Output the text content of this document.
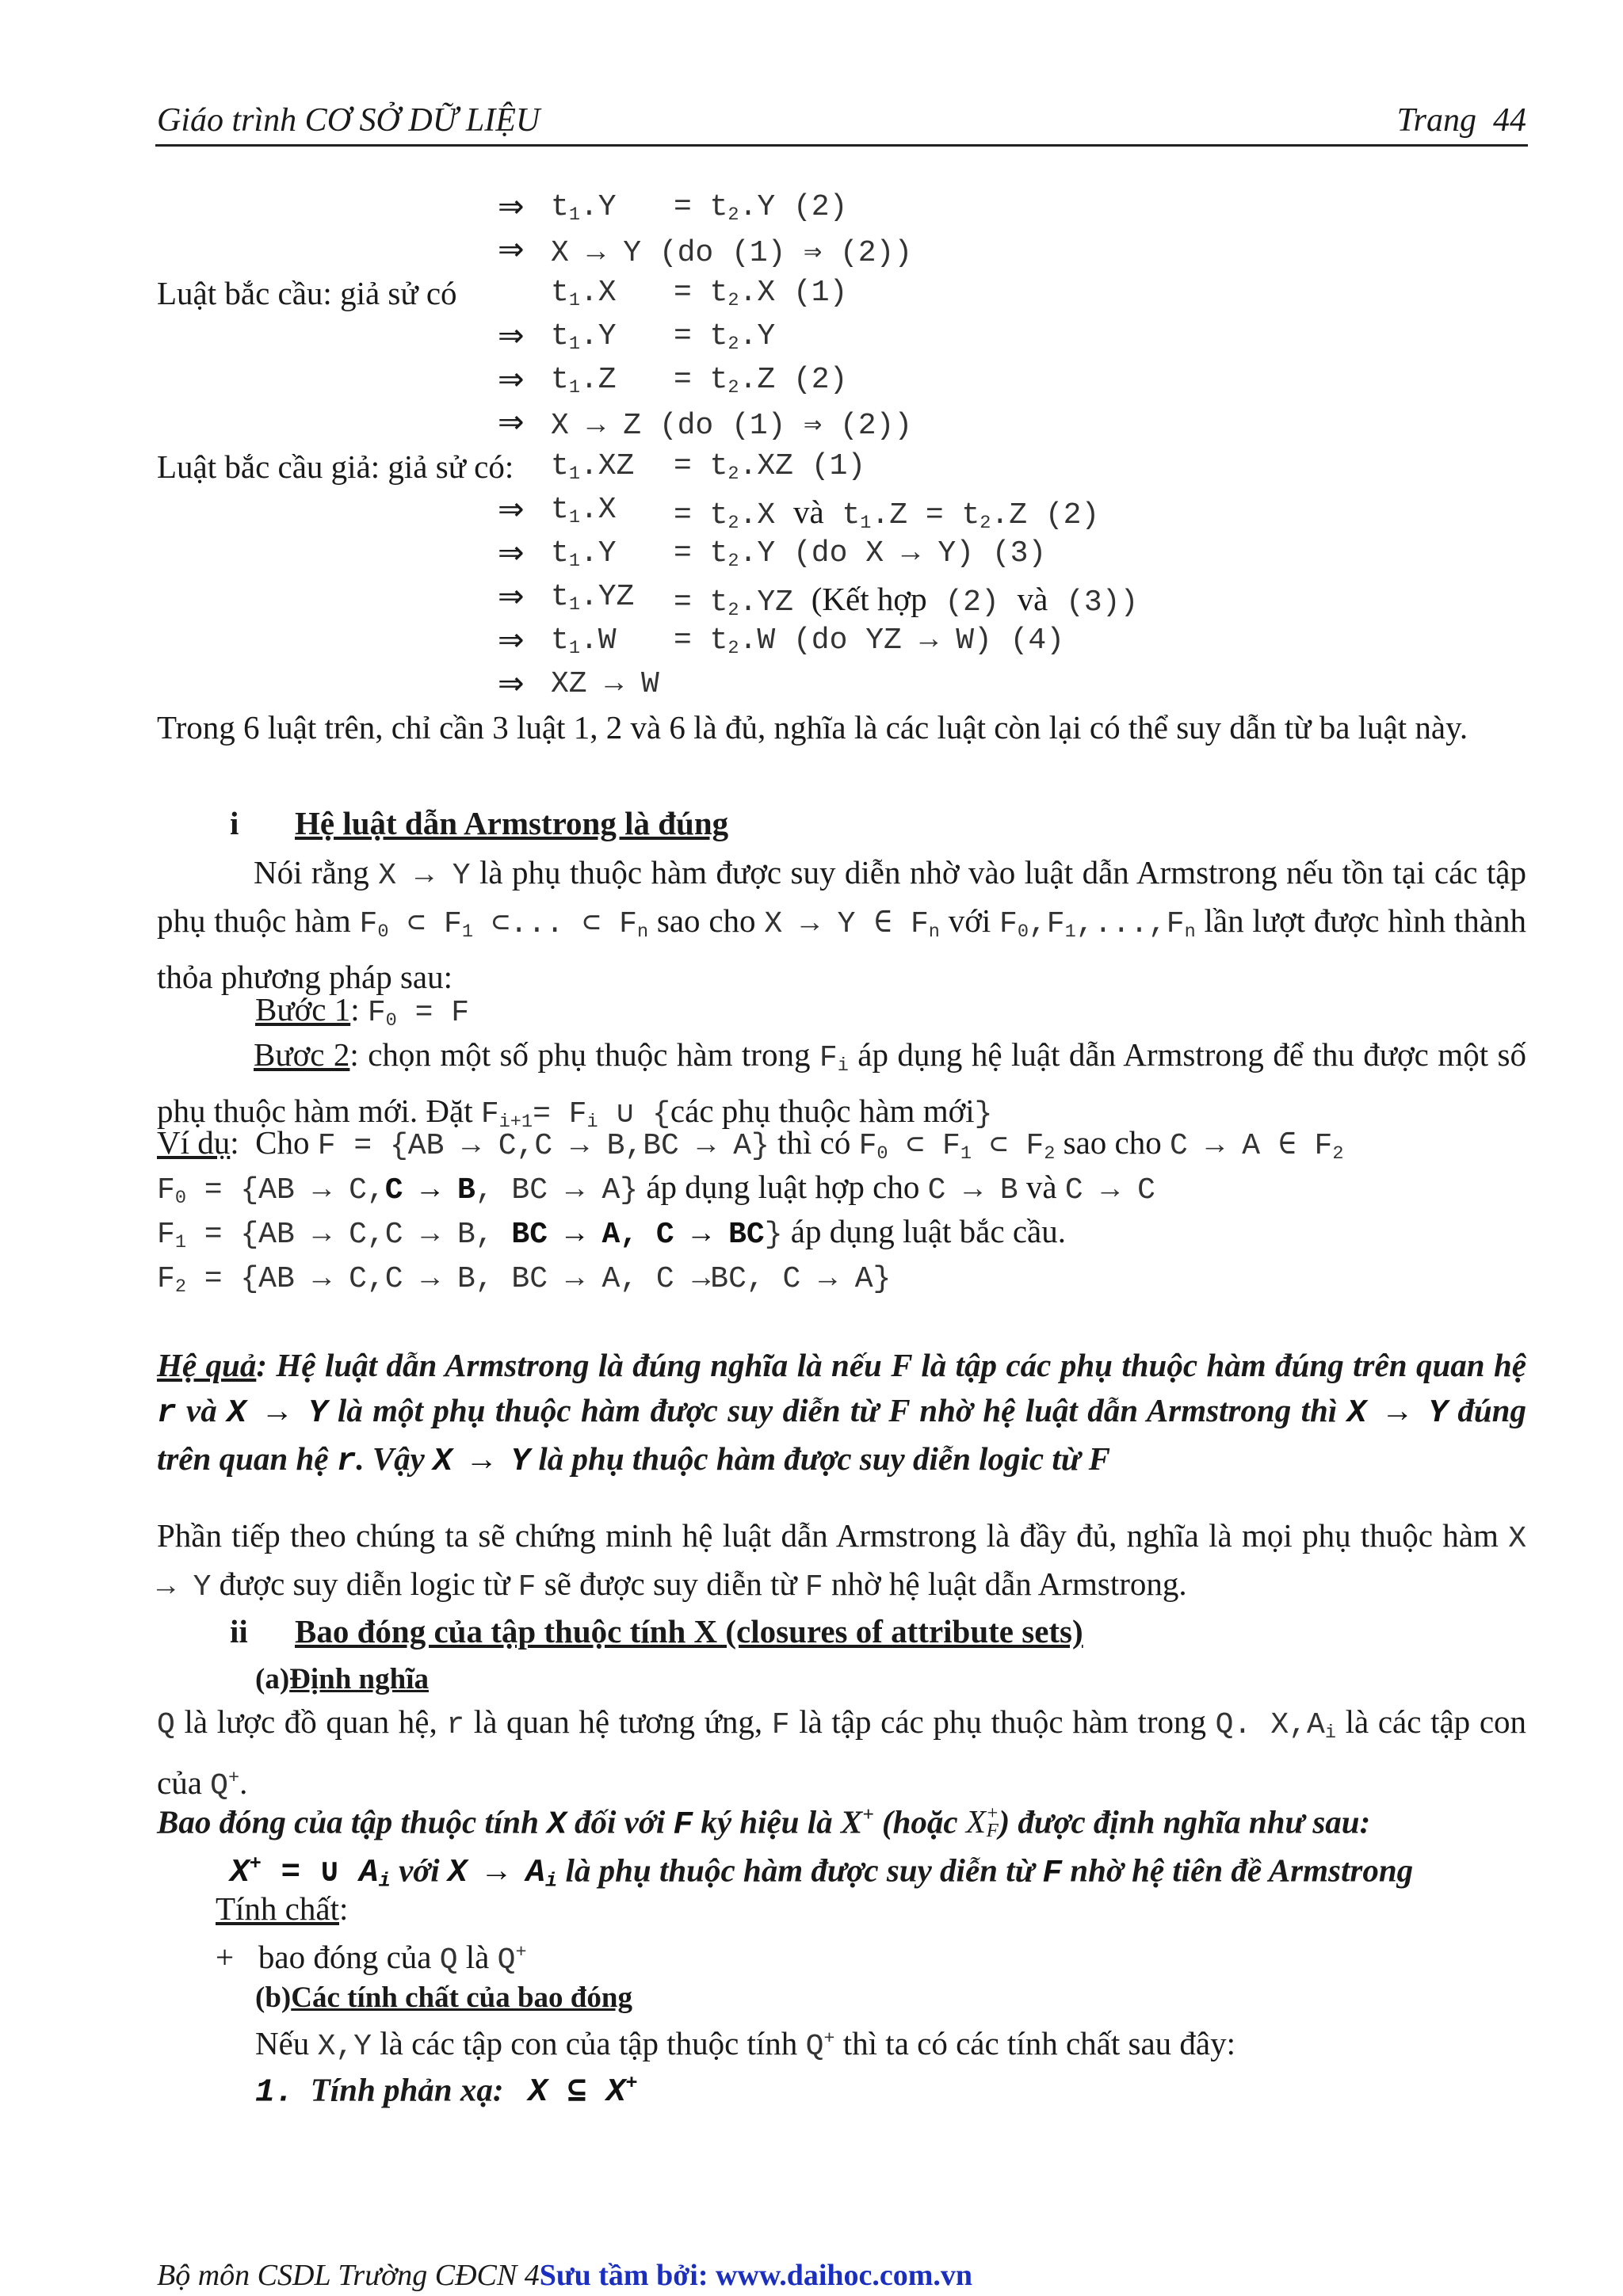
Giáo trình CƠ SỞ DỮ LIỆU	Trang 44
⇒ $t_1.Y = t_2.Y$ (2)
⇒ X → Y (do (1) ⇒ (2))
Luật bắc cầu: giả sử có	$t_1.X = t_2.X$ (1)
⇒ $t_1.Y = t_2.Y$
⇒ $t_1.Z = t_2.Z$ (2)
⇒ X → Z (do (1) ⇒ (2))
Luật bắc cầu giả: giả sử có: $t_1.XZ = t_2.XZ$ (1)
⇒ $t_1.X = t_2.X$ và $t_1.Z = t_2.Z$ (2)
⇒ $t_1.Y = t_2.Y$ (do X → Y) (3)
⇒ $t_1.YZ = t_2.YZ$ (Kết hợp (2) và (3))
⇒ $t_1.W = t_2.W$ (do YZ → W) (4)
⇒ XZ → W
Trong 6 luật trên, chỉ cần 3 luật 1, 2 và 6 là đủ, nghĩa là các luật còn lại có thể suy dẫn từ ba luật này.
i Hệ luật dẫn Armstrong là đúng
Nói rằng X → Y là phụ thuộc hàm được suy diễn nhờ vào luật dẫn Armstrong nếu tồn tại các tập phụ thuộc hàm $F_0$ ⊂ $F_1$ ⊂... ⊂ $F_n$ sao cho X → Y ∈ $F_n$ với $F_0,F_1,...,F_n$ lần lượt được hình thành thỏa phương pháp sau:
Bước 1: $F_0 = F$
Bươc 2: chọn một số phụ thuộc hàm trong $F_i$ áp dụng hệ luật dẫn Armstrong để thu được một số phụ thuộc hàm mới. Đặt $F_{i+1}= F_i$ ∪ {các phụ thuộc hàm mới}
Ví dụ:  Cho F = {AB → C,C → B,BC → A} thì có $F_0$ ⊂ $F_1$ ⊂ $F_2$ sao cho C → A ∈ $F_2$
$F_0 = \{AB \to C,C \to B$, BC → A} áp dụng luật hợp cho C → B và C → C
$F_1 = \{AB \to C,C \to B$, BC → A, C → BC} áp dụng luật bắc cầu.
$F_2 = \{AB \to C,C \to B$, BC → A, C →BC, C → A}
Hệ quả: Hệ luật dẫn Armstrong là đúng nghĩa là nếu F là tập các phụ thuộc hàm đúng trên quan hệ r và X → Y là một phụ thuộc hàm được suy diễn từ F nhờ hệ luật dẫn Armstrong thì X → Y đúng trên quan hệ r. Vậy X → Y là phụ thuộc hàm được suy diễn logic từ F
Phần tiếp theo chúng ta sẽ chứng minh hệ luật dẫn Armstrong là đầy đủ, nghĩa là mọi phụ thuộc hàm X → Y được suy diễn logic từ F sẽ được suy diễn từ F nhờ hệ luật dẫn Armstrong.
ii Bao đóng của tập thuộc tính X (closures of attribute sets)
(a)Định nghĩa
Q là lược đồ quan hệ, r là quan hệ tương ứng, F là tập các phụ thuộc hàm trong Q. $X,A_i$ là các tập con của Q+.
Bao đóng của tập thuộc tính X đối với F ký hiệu là X+ (hoặc X +
F ) được định nghĩa như sau:
X+ = ∪ $A_i$ với $X \to A_i$ là phụ thuộc hàm được suy diễn từ F nhờ hệ tiên đề Armstrong
Tính chất:
+   bao đóng của Q là Q+
(b)Các tính chất của bao đóng
Nếu X,Y là các tập con của tập thuộc tính Q+ thì ta có các tính chất sau đây:
1. Tính phản xạ: X ⊆ X+
Bộ môn CSDL Trường CĐCN 4Sưu tầm bởi: www.daihoc.com.vn
